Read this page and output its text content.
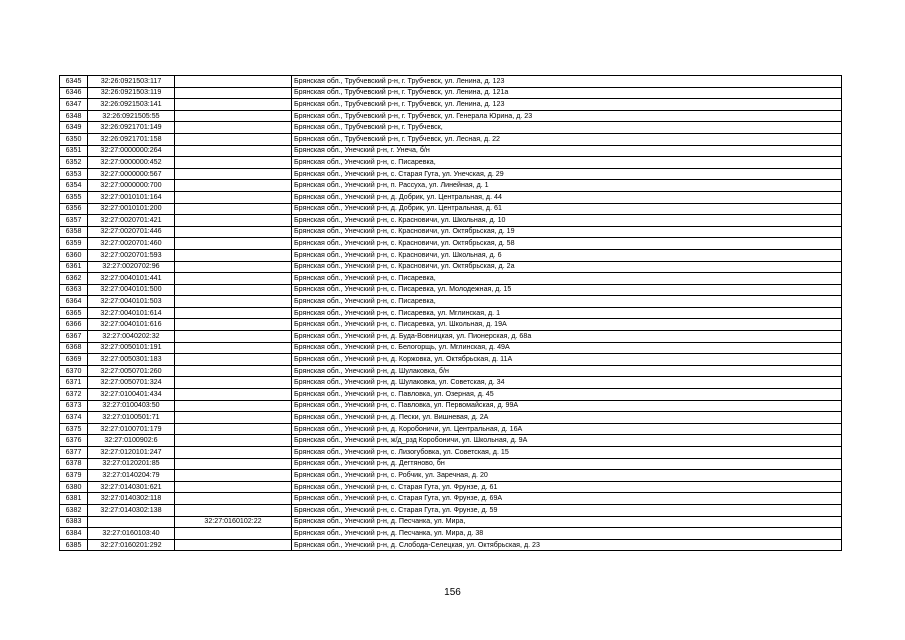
6345	32:26:0921503:117		Брянская обл., Трубчевский р-н, г. Трубчевск, ул. Ленина, д. 123
6346	32:26:0921503:119		Брянская обл., Трубчевский р-н, г. Трубчевск, ул. Ленина, д. 121а
6347	32:26:0921503:141		Брянская обл., Трубчевский р-н, г. Трубчевск, ул. Ленина, д. 123
6348	32:26:0921505:55		Брянская обл., Трубчевский р-н, г. Трубчевск, ул. Генерала Юрина, д. 23
6349	32:26:0921701:149		Брянская обл., Трубчевский р-н, г. Трубчевск,
6350	32:26:0921701:158		Брянская обл., Трубчевский р-н, г. Трубчевск, ул. Лесная, д. 22
6351	32:27:0000000:264		Брянская обл., Унечский р-н, г. Унеча, б/н
6352	32:27:0000000:452		Брянская обл., Унечский р-н, с. Писаревка,
6353	32:27:0000000:567		Брянская обл., Унечский р-н, с. Старая Гута, ул. Унечская, д. 29
6354	32:27:0000000:700		Брянская обл., Унечский р-н, п. Рассуха, ул. Линейная, д. 1
6355	32:27:0010101:164		Брянская обл., Унечский р-н, д. Добрик, ул. Центральная, д. 44
6356	32:27:0010101:200		Брянская обл., Унечский р-н, д. Добрик, ул. Центральная, д. 61
6357	32:27:0020701:421		Брянская обл., Унечский р-н, с. Красновичи, ул. Школьная, д. 10
6358	32:27:0020701:446		Брянская обл., Унечский р-н, с. Красновичи, ул. Октябрьская, д. 19
6359	32:27:0020701:460		Брянская обл., Унечский р-н, с. Красновичи, ул. Октябрьская, д. 58
6360	32:27:0020701:593		Брянская обл., Унечский р-н, с. Красновичи, ул. Школьная, д. 6
6361	32:27:0020702:96		Брянская обл., Унечский р-н, с. Красновичи, ул. Октябрьская, д. 2а
6362	32:27:0040101:441		Брянская обл., Унечский р-н, с. Писаревка,
6363	32:27:0040101:500		Брянская обл., Унечский р-н, с. Писаревка, ул. Молодежная, д. 15
6364	32:27:0040101:503		Брянская обл., Унечский р-н, с. Писаревка,
6365	32:27:0040101:614		Брянская обл., Унечский р-н, с. Писаревка, ул. Мглинская, д. 1
6366	32:27:0040101:616		Брянская обл., Унечский р-н, с. Писаревка, ул. Школьная, д. 19А
6367	32:27:0040202:32		Брянская обл., Унечский р-н, д. Буда-Вовницкая, ул. Пионерская, д. 68а
6368	32:27:0050101:191		Брянская обл., Унечский р-н, с. Белогорщь, ул. Мглинская, д. 49А
6369	32:27:0050301:183		Брянская обл., Унечский р-н, д. Коржовка, ул. Октябрьская, д. 11А
6370	32:27:0050701:260		Брянская обл., Унечский р-н, д. Шулаковка, б/н
6371	32:27:0050701:324		Брянская обл., Унечский р-н, д. Шулаковка, ул. Советская, д. 34
6372	32:27:0100401:434		Брянская обл., Унечский р-н, с. Павловка, ул. Озерная, д. 45
6373	32:27:0100403:50		Брянская обл., Унечский р-н, с. Павловка, ул. Первомайская, д. 99А
6374	32:27:0100501:71		Брянская обл., Унечский р-н, д. Пески, ул. Вишневая, д. 2А
6375	32:27:0100701:179		Брянская обл., Унечский р-н, д. Коробоничи, ул. Центральная, д. 16А
6376	32:27:0100902:6		Брянская обл., Унечский р-н, ж/д_рзд Коробоничи, ул. Школьная, д. 9А
6377	32:27:0120101:247		Брянская обл., Унечский р-н, с. Лизогубовка, ул. Советская, д. 15
6378	32:27:0120201:85		Брянская обл., Унечский р-н, д. Дегтяново, бн
6379	32:27:0140204:79		Брянская обл., Унечский р-н, с. Робчик, ул. Заречная, д. 20
6380	32:27:0140301:621		Брянская обл., Унечский р-н, с. Старая Гута, ул. Фрунзе, д. 61
6381	32:27:0140302:118		Брянская обл., Унечский р-н, с. Старая Гута, ул. Фрунзе, д. 69А
6382	32:27:0140302:138		Брянская обл., Унечский р-н, с. Старая Гута, ул. Фрунзе, д. 59
6383		32:27:0160102:22	Брянская обл., Унечский р-н, д. Песчанка, ул. Мира,
6384	32:27:0160103:40		Брянская обл., Унечский р-н, д. Песчанка, ул. Мира, д. 38
6385	32:27:0160201:292		Брянская обл., Унечский р-н, д. Слобода-Селецкая, ул. Октябрьская, д. 23
156
